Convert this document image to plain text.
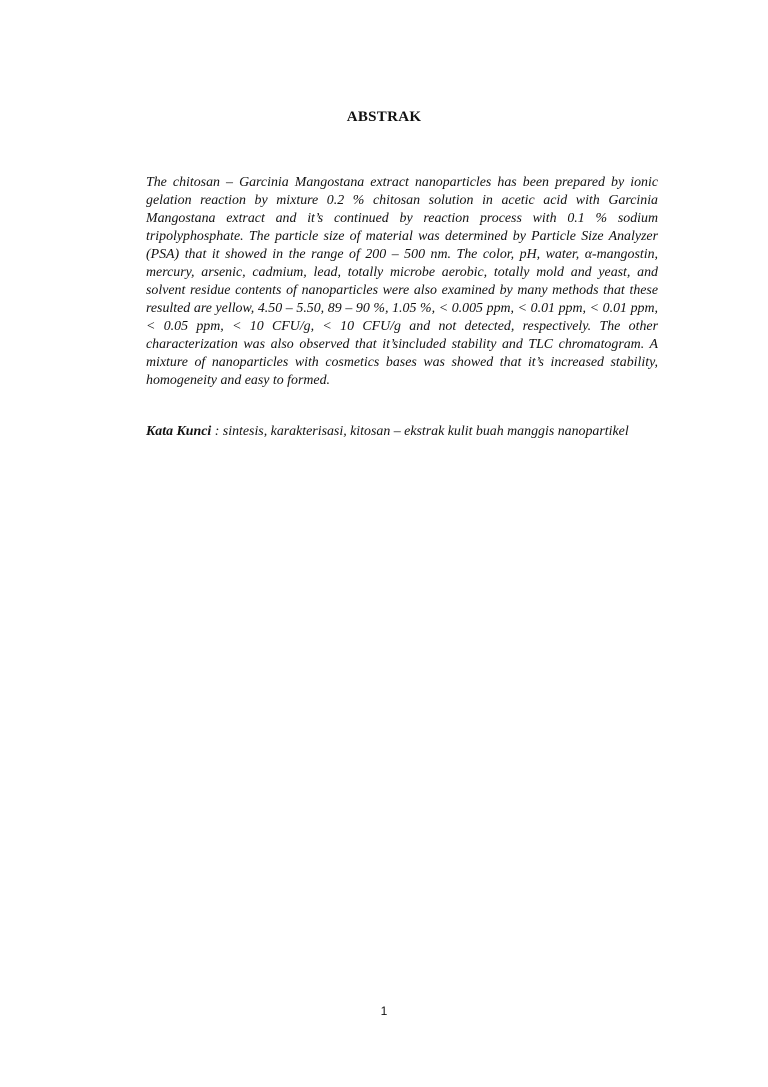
ABSTRAK

The chitosan – Garcinia Mangostana extract nanoparticles has been prepared by ionic gelation reaction by mixture 0.2 % chitosan solution in acetic acid with Garcinia Mangostana extract and it’s continued by reaction process with 0.1 % sodium tripolyphosphate. The particle size of material was determined by Particle Size Analyzer (PSA) that it showed in the range of 200 – 500 nm. The color, pH, water, α-mangostin, mercury, arsenic, cadmium, lead, totally microbe aerobic, totally mold and yeast, and solvent residue contents of nanoparticles were also examined by many methods that these resulted are yellow, 4.50 – 5.50, 89 – 90 %, 1.05 %, < 0.005 ppm, < 0.01 ppm, < 0.01 ppm, < 0.05 ppm, < 10 CFU/g, < 10 CFU/g and not detected, respectively. The other characterization was also observed that it’sincluded stability and TLC chromatogram. A mixture of nanoparticles with cosmetics bases was showed that it’s increased stability, homogeneity and easy to formed.

Kata Kunci : sintesis, karakterisasi, kitosan – ekstrak kulit buah manggis nanopartikel

1
